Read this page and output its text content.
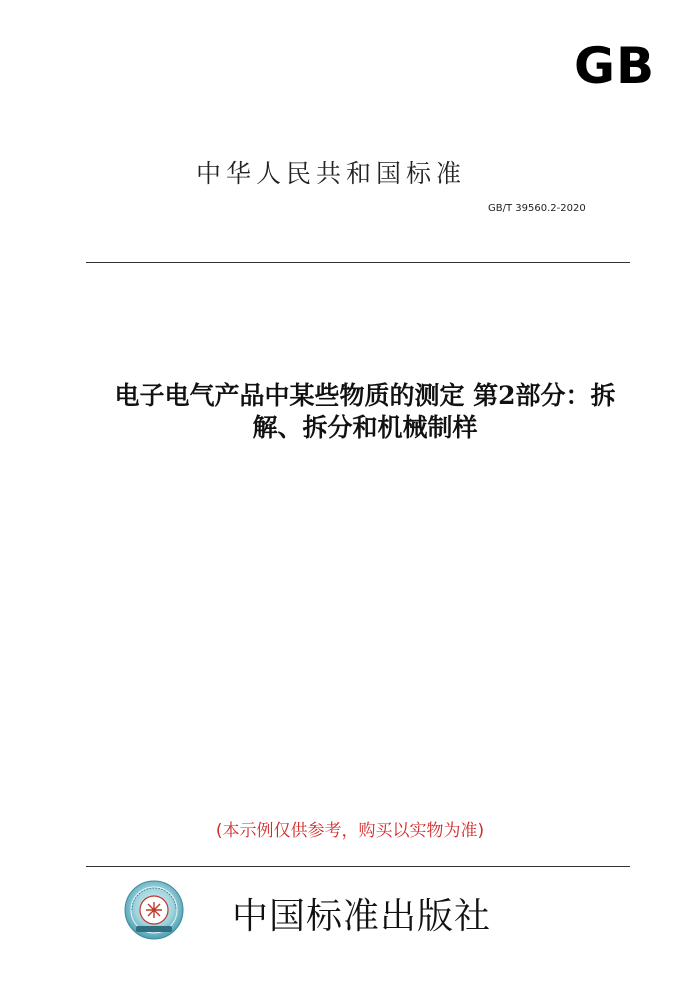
GB
中华人民共和国标准
GB/T 39560.2-2020
电子电气产品中某些物质的测定 第2部分：拆
解、拆分和机械制样
(本示例仅供参考，购买以实物为准)
中国标准出版社
